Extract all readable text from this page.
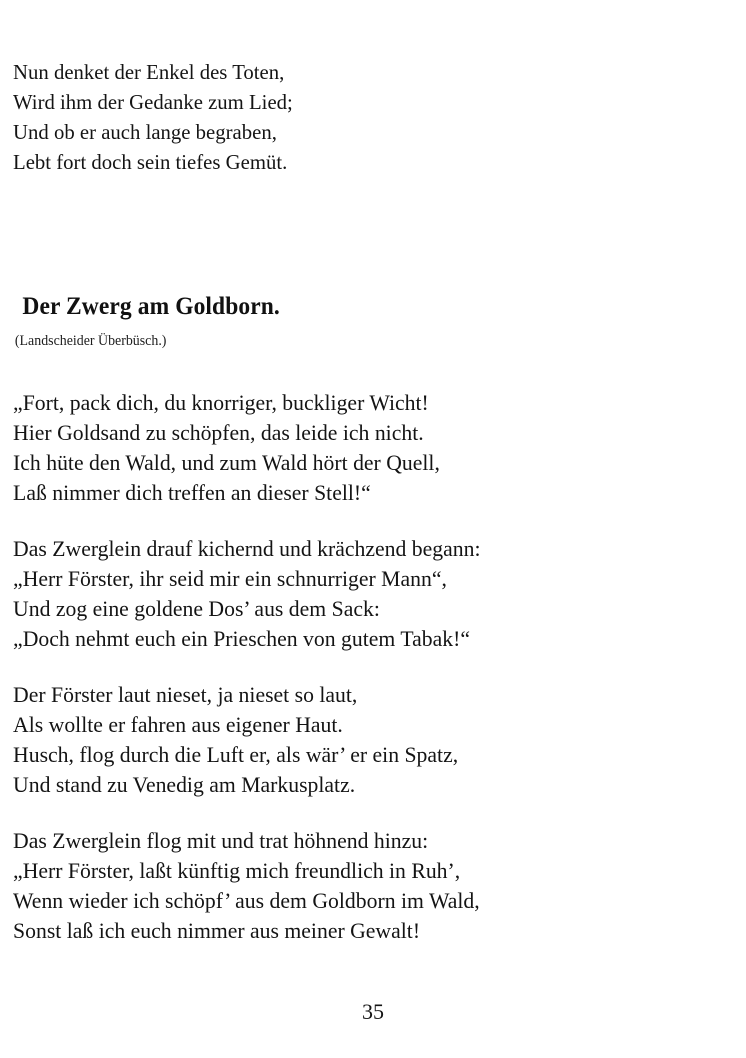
Nun denket der Enkel des Toten,
Wird ihm der Gedanke zum Lied;
Und ob er auch lange begraben,
Lebt fort doch sein tiefes Gemüt.
Der Zwerg am Goldborn.
(Landscheider Überbüsch.)
„Fort, pack dich, du knorriger, buckliger Wicht!
Hier Goldsand zu schöpfen, das leide ich nicht.
Ich hüte den Wald, und zum Wald hört der Quell,
Laß nimmer dich treffen an dieser Stell!“
Das Zwerglein drauf kichernd und krächzend begann:
„Herr Förster, ihr seid mir ein schnurriger Mann“,
Und zog eine goldene Dos’ aus dem Sack:
„Doch nehmt euch ein Prieschen von gutem Tabak!“
Der Förster laut nieset, ja nieset so laut,
Als wollte er fahren aus eigener Haut.
Husch, flog durch die Luft er, als wär’ er ein Spatz,
Und stand zu Venedig am Markusplatz.
Das Zwerglein flog mit und trat höhnend hinzu:
„Herr Förster, laßt künftig mich freundlich in Ruh’,
Wenn wieder ich schöpf’ aus dem Goldborn im Wald,
Sonst laß ich euch nimmer aus meiner Gewalt!
35
